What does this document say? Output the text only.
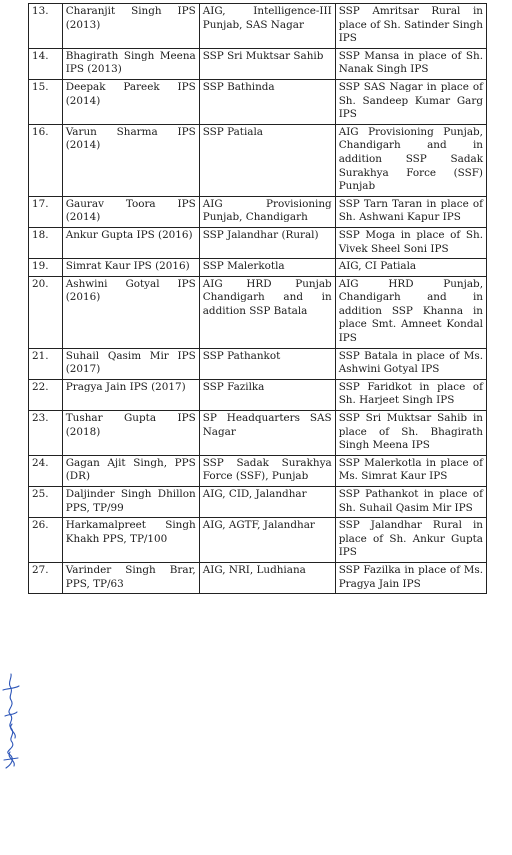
13.	Charanjit Singh IPS (2013)	AIG, Intelligence-III Punjab, SAS Nagar	SSP Amritsar Rural in place of Sh. Satinder Singh IPS
14.	Bhagirath Singh Meena IPS (2013)	SSP Sri Muktsar Sahib	SSP Mansa in place of Sh. Nanak Singh IPS
15.	Deepak Pareek IPS (2014)	SSP Bathinda	SSP SAS Nagar in place of Sh. Sandeep Kumar Garg IPS
16.	Varun Sharma IPS (2014)	SSP Patiala	AIG Provisioning Punjab, Chandigarh and in addition SSP Sadak Surakhya Force (SSF) Punjab
17.	Gaurav Toora IPS (2014)	AIG Provisioning Punjab, Chandigarh	SSP Tarn Taran in place of Sh. Ashwani Kapur IPS
18.	Ankur Gupta IPS (2016)	SSP Jalandhar (Rural)	SSP Moga in place of Sh. Vivek Sheel Soni IPS
19.	Simrat Kaur IPS (2016)	SSP Malerkotla	AIG, CI Patiala
20.	Ashwini Gotyal IPS (2016)	AIG HRD Punjab Chandigarh and in addition SSP Batala	AIG HRD Punjab, Chandigarh and in addition SSP Khanna in place Smt. Amneet Kondal IPS
21.	Suhail Qasim Mir IPS (2017)	SSP Pathankot	SSP Batala in place of Ms. Ashwini Gotyal IPS
22.	Pragya Jain IPS (2017)	SSP Fazilka	SSP Faridkot in place of Sh. Harjeet Singh IPS
23.	Tushar Gupta IPS (2018)	SP Headquarters SAS Nagar	SSP Sri Muktsar Sahib in place of Sh. Bhagirath Singh Meena IPS
24.	Gagan Ajit Singh, PPS (DR)	SSP Sadak Surakhya Force (SSF), Punjab	SSP Malerkotla in place of Ms. Simrat Kaur IPS
25.	Daljinder Singh Dhillon PPS, TP/99	AIG, CID, Jalandhar	SSP Pathankot in place of Sh. Suhail Qasim Mir IPS
26.	Harkamalpreet Singh Khakh PPS, TP/100	AIG, AGTF, Jalandhar	SSP Jalandhar Rural in place of Sh. Ankur Gupta IPS
27.	Varinder Singh Brar, PPS, TP/63	AIG, NRI, Ludhiana	SSP Fazilka in place of Ms. Pragya Jain IPS
